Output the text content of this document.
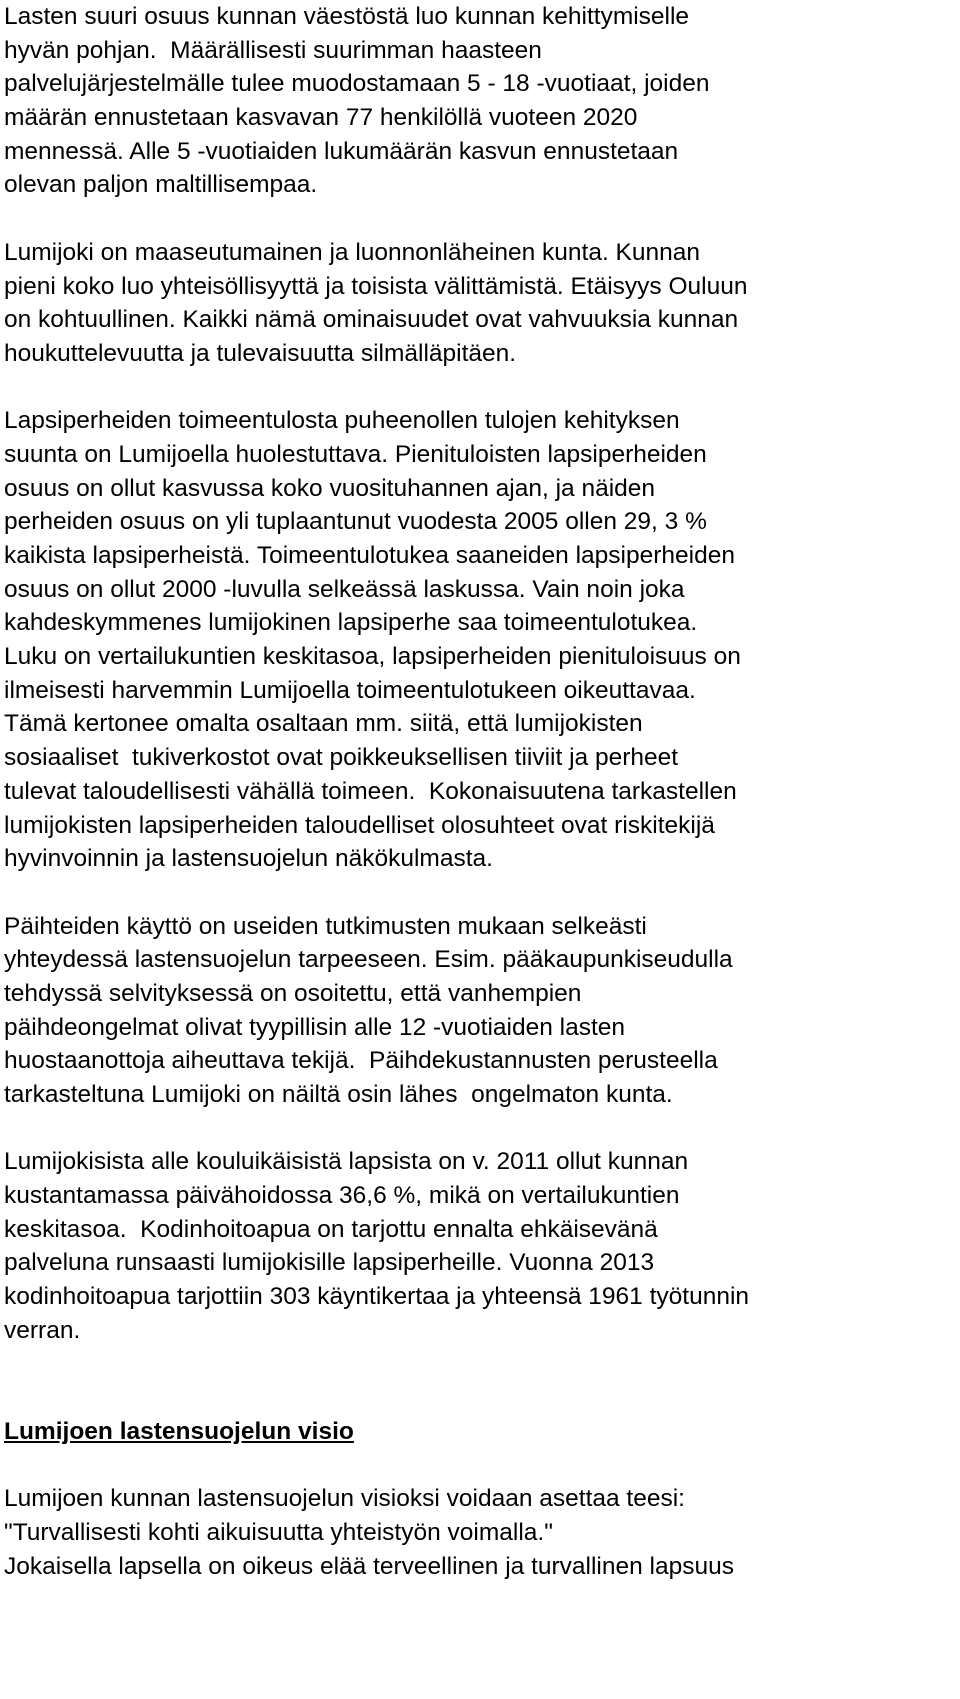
Lasten suuri osuus kunnan väestöstä luo kunnan kehittymiselle
hyvän pohjan.  Määrällisesti suurimman haasteen
palvelujärjestelmälle tulee muodostamaan 5 - 18 -vuotiaat, joiden
määrän ennustetaan kasvavan 77 henkilöllä vuoteen 2020
mennessä. Alle 5 -vuotiaiden lukumäärän kasvun ennustetaan
olevan paljon maltillisempaa.
Lumijoki on maaseutumainen ja luonnonläheinen kunta. Kunnan
pieni koko luo yhteisöllisyyttä ja toisista välittämistä. Etäisyys Ouluun
on kohtuullinen. Kaikki nämä ominaisuudet ovat vahvuuksia kunnan
houkuttelevuutta ja tulevaisuutta silmälläpitäen.
Lapsiperheiden toimeentulosta puheenollen tulojen kehityksen
suunta on Lumijoella huolestuttava. Pienituloisten lapsiperheiden
osuus on ollut kasvussa koko vuosituhannen ajan, ja näiden
perheiden osuus on yli tuplaantunut vuodesta 2005 ollen 29, 3 %
kaikista lapsiperheistä. Toimeentulotukea saaneiden lapsiperheiden
osuus on ollut 2000 -luvulla selkeässä laskussa. Vain noin joka
kahdeskymmenes lumijokinen lapsiperhe saa toimeentulotukea.
Luku on vertailukuntien keskitasoa, lapsiperheiden pienituloisuus on
ilmeisesti harvemmin Lumijoella toimeentulotukeen oikeuttavaa.
Tämä kertonee omalta osaltaan mm. siitä, että lumijokisten
sosiaaliset  tukiverkostot ovat poikkeuksellisen tiiviit ja perheet
tulevat taloudellisesti vähällä toimeen.  Kokonaisuutena tarkastellen
lumijokisten lapsiperheiden taloudelliset olosuhteet ovat riskitekijä
hyvinvoinnin ja lastensuojelun näkökulmasta.
Päihteiden käyttö on useiden tutkimusten mukaan selkeästi
yhteydessä lastensuojelun tarpeeseen. Esim. pääkaupunkiseudulla
tehdyssä selvityksessä on osoitettu, että vanhempien
päihdeongelmat olivat tyypillisin alle 12 -vuotiaiden lasten
huostaanottoja aiheuttava tekijä.  Päihdekustannusten perusteella
tarkasteltuna Lumijoki on näiltä osin lähes  ongelmaton kunta.
Lumijokisista alle kouluikäisistä lapsista on v. 2011 ollut kunnan
kustantamassa päivähoidossa 36,6 %, mikä on vertailukuntien
keskitasoa.  Kodinhoitoapua on tarjottu ennalta ehkäisevänä
palveluna runsaasti lumijokisille lapsiperheille. Vuonna 2013
kodinhoitoapua tarjottiin 303 käyntikertaa ja yhteensä 1961 työtunnin
verran.
Lumijoen lastensuojelun visio
Lumijoen kunnan lastensuojelun visioksi voidaan asettaa teesi:
"Turvallisesti kohti aikuisuutta yhteistyön voimalla."
Jokaisella lapsella on oikeus elää terveellinen ja turvallinen lapsuus
